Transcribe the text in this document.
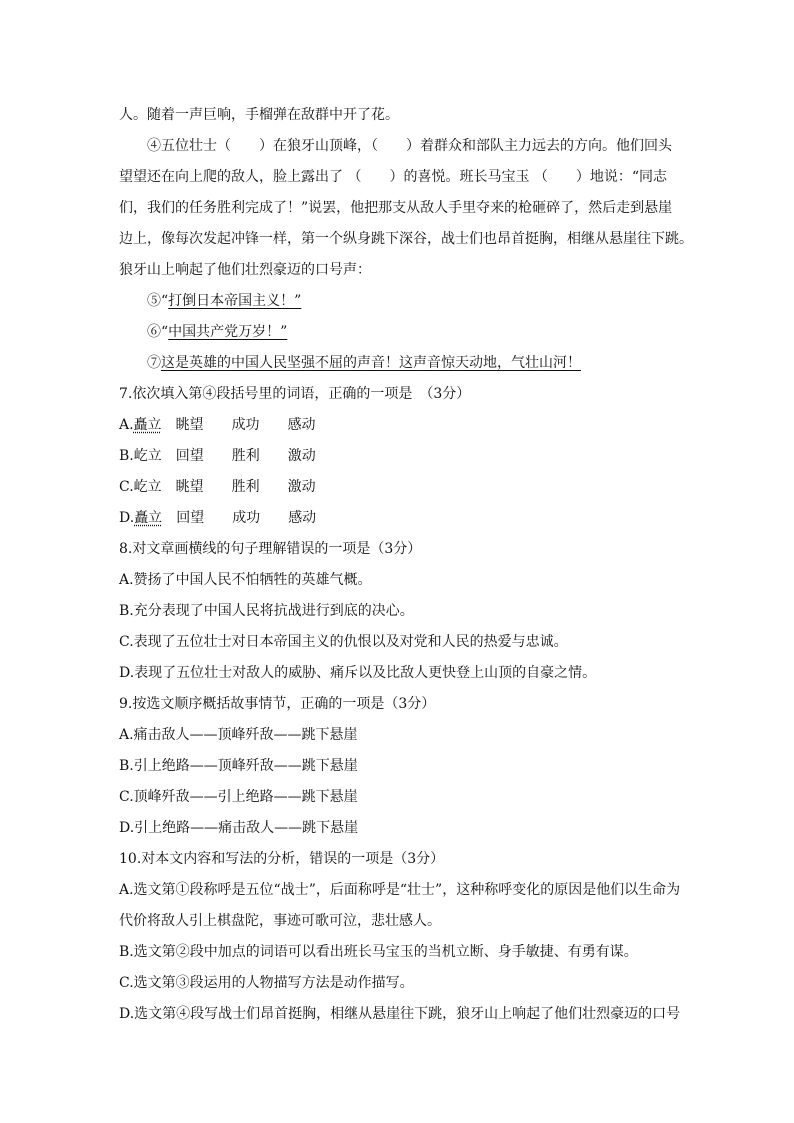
人。随着一声巨响，手榴弹在敌群中开了花。
④五位壮士（　　）在狼牙山顶峰，（　　）着群众和部队主力远去的方向。他们回头
望望还在向上爬的敌人，脸上露出了 （　　）的喜悦。班长马宝玉 （　　）地说：“同志
们，我们的任务胜利完成了！”说罢，他把那支从敌人手里夺来的枪砸碎了，然后走到悬崖
边上，像每次发起冲锋一样，第一个纵身跳下深谷，战士们也昂首挺胸，相继从悬崖往下跳。
狼牙山上响起了他们壮烈豪迈的口号声：
⑤“打倒日本帝国主义！”
⑥“中国共产党万岁！”
⑦这是英雄的中国人民坚强不屈的声音！这声音惊天动地，气壮山河！
7.依次填入第④段括号里的词语，正确的一项是　（3分）
A.矗立 眺望 成功 感动
B.屹立 回望 胜利 激动
C.屹立 眺望 胜利 激动
D.矗立 回望 成功 感动
8.对文章画横线的句子理解错误的一项是（3分）
A.赞扬了中国人民不怕牺牲的英雄气概。
B.充分表现了中国人民将抗战进行到底的决心。
C.表现了五位壮士对日本帝国主义的仇恨以及对党和人民的热爱与忠诚。
D.表现了五位壮士对敌人的威胁、痛斥以及比敌人更快登上山顶的自豪之情。
9.按选文顺序概括故事情节，正确的一项是（3分）
A.痛击敌人——顶峰歼敌——跳下悬崖
B.引上绝路——顶峰歼敌——跳下悬崖
C.顶峰歼敌——引上绝路——跳下悬崖
D.引上绝路——痛击敌人——跳下悬崖
10.对本文内容和写法的分析，错误的一项是（3分）
A.选文第①段称呼是五位“战士”，后面称呼是“壮士”，这种称呼变化的原因是他们以生命为
代价将敌人引上棋盘陀，事迹可歌可泣，悲壮感人。
B.选文第②段中加点的词语可以看出班长马宝玉的当机立断、身手敏捷、有勇有谋。
C.选文第③段运用的人物描写方法是动作描写。
D.选文第④段写战士们昂首挺胸，相继从悬崖往下跳，狼牙山上响起了他们壮烈豪迈的口号
